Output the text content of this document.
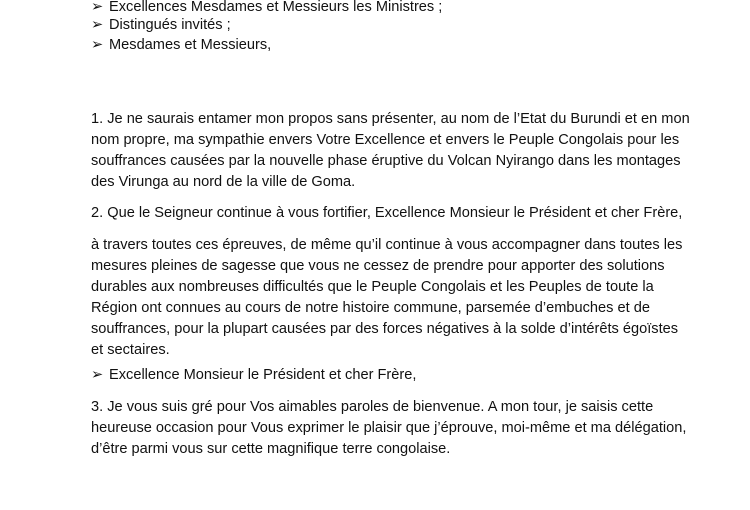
➢ Excellences Mesdames et Messieurs les Ministres ;

➢ Distingués invités ;

➢ Mesdames et Messieurs,

1. Je ne saurais entamer mon propos sans présenter, au nom de l’Etat du Burundi et en mon

nom propre, ma sympathie envers Votre Excellence et envers le Peuple Congolais pour les

souffrances causées par la nouvelle phase éruptive du Volcan Nyirango dans les montages

des Virunga au nord de la ville de Goma.

2. Que le Seigneur continue à vous fortifier, Excellence Monsieur le Président et cher Frère,

à travers toutes ces épreuves, de même qu’il continue à vous accompagner dans toutes les

mesures pleines de sagesse que vous ne cessez de prendre pour apporter des solutions

durables aux nombreuses difficultés que le Peuple Congolais et les Peuples de toute la

Région ont connues au cours de notre histoire commune, parsemée d’embuches et de

souffrances, pour la plupart causées par des forces négatives à la solde d’intérêts égoïstes

et sectaires.

➢ Excellence Monsieur le Président et cher Frère,

3. Je vous suis gré pour Vos aimables paroles de bienvenue. A mon tour, je saisis cette

heureuse occasion pour Vous exprimer le plaisir que j’éprouve, moi-même et ma délégation,

d’être parmi vous sur cette magnifique terre congolaise.
